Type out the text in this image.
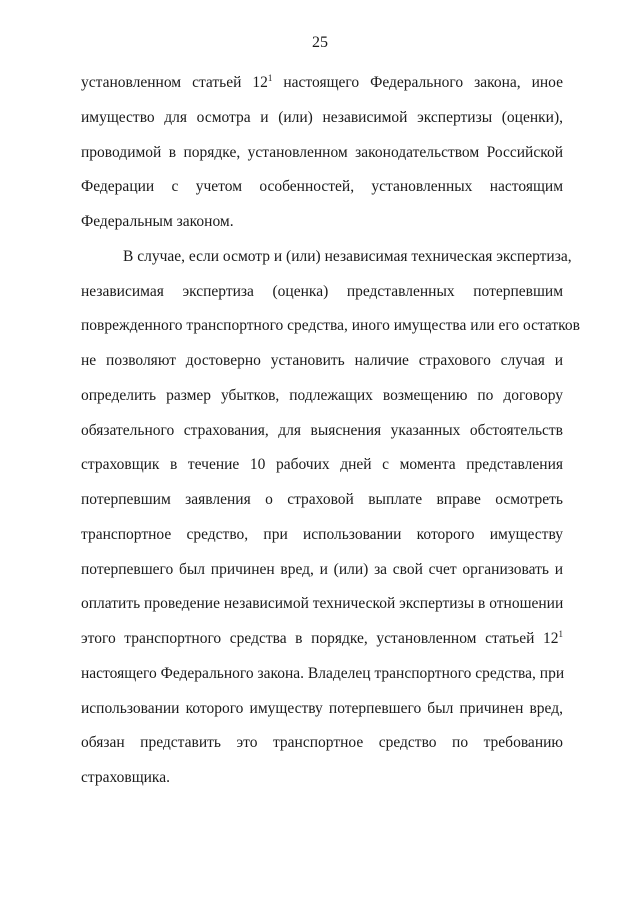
25
установленном статьей $12^1$ настоящего Федерального закона, иное
имущество для осмотра и (или) независимой экспертизы (оценки),
проводимой в порядке, установленном законодательством Российской
Федерации с учетом особенностей, установленных настоящим
Федеральным законом.
В случае, если осмотр и (или) независимая техническая экспертиза,
независимая экспертиза (оценка) представленных потерпевшим
поврежденного транспортного средства, иного имущества или его остатков
не позволяют достоверно установить наличие страхового случая и
определить размер убытков, подлежащих возмещению по договору
обязательного страхования, для выяснения указанных обстоятельств
страховщик в течение 10 рабочих дней с момента представления
потерпевшим заявления о страховой выплате вправе осмотреть
транспортное средство, при использовании которого имуществу
потерпевшего был причинен вред, и (или) за свой счет организовать и
оплатить проведение независимой технической экспертизы в отношении
этого транспортного средства в порядке, установленном статьей $12^1$
настоящего Федерального закона. Владелец транспортного средства, при
использовании которого имуществу потерпевшего был причинен вред,
обязан представить это транспортное средство по требованию
страховщика.
